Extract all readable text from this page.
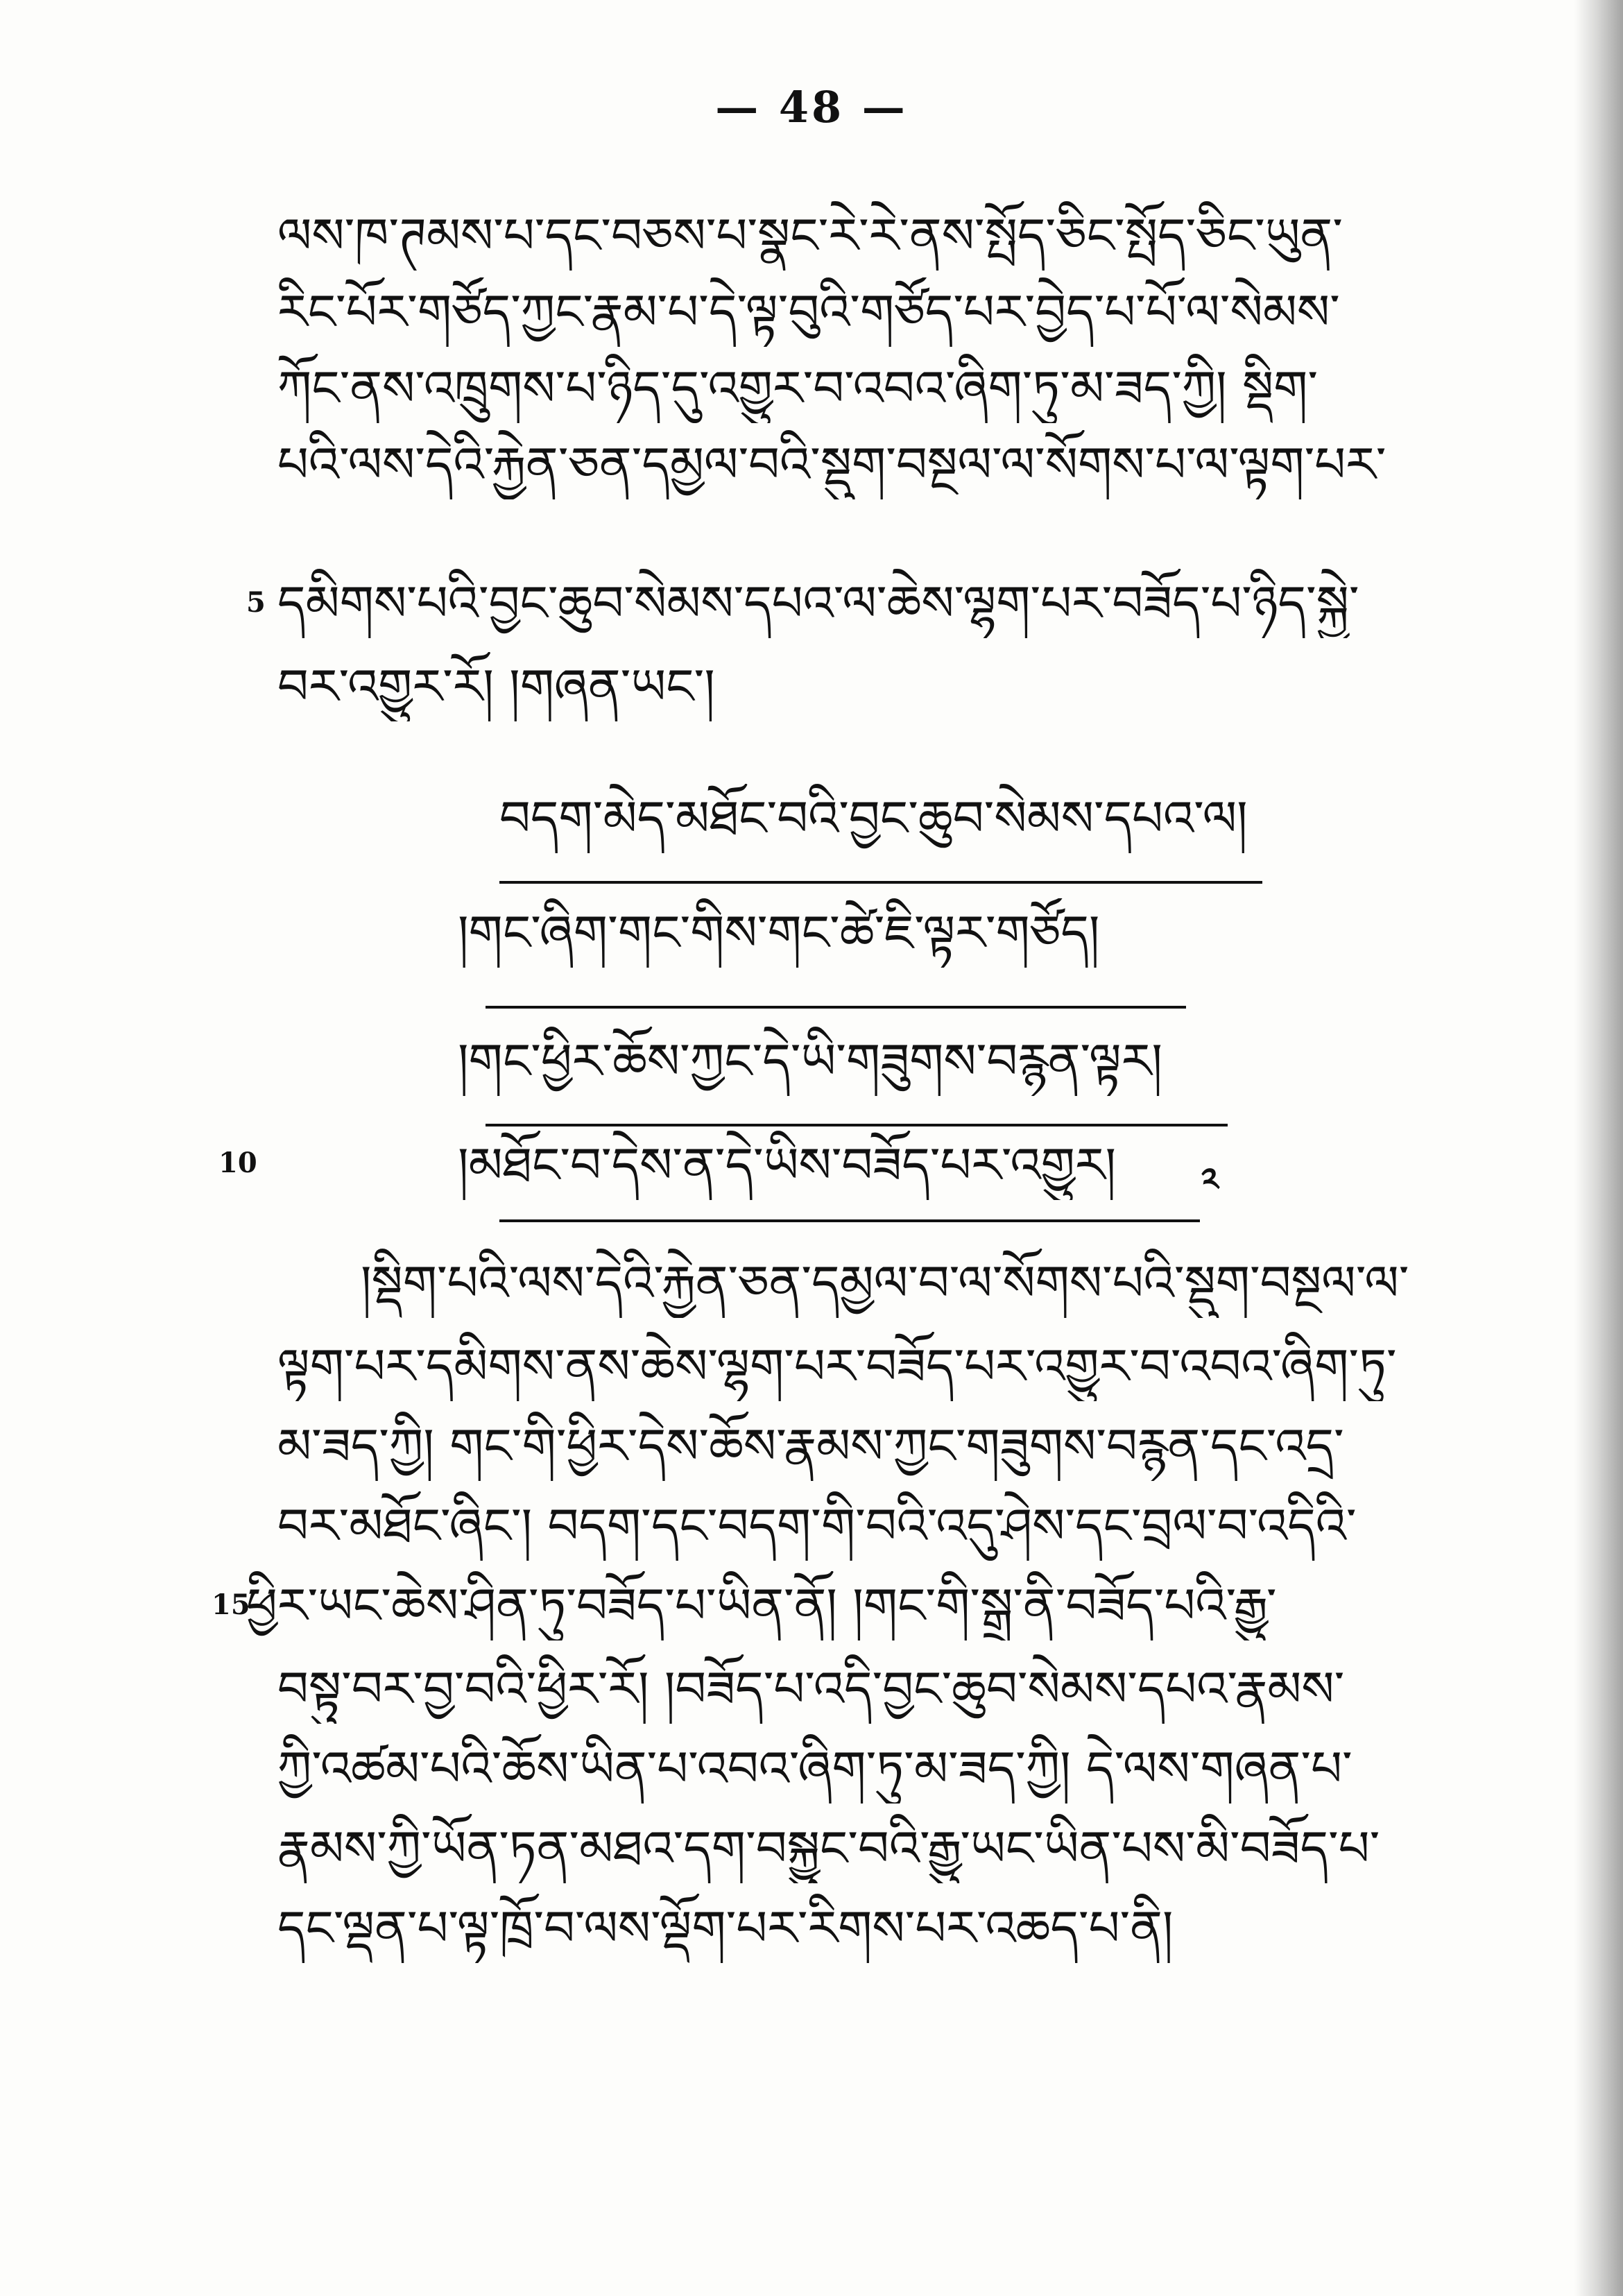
— 48 —
ལས་ཁ་ཊམས་པ་དང་བཅས་པ་སྣང་རེ་རེ་ནས་སྤོད་ཅིང་སྤོད་ཅིང་ཡུན་
རིང་པོར་གཙོད་ཀྱང་རྣམ་པ་དེ་ལྟ་བུའི་གཙོད་པར་བྱེད་པ་པོ་ལ་སེམས་
ཀོང་ནས་འཁྲུགས་པ་ཉིད་དུ་འགྱུར་བ་འབའ་ཞིག་ཏུ་མ་ཟད་ཀྱི། སྡིག་
པའི་ལས་དེའི་རྐྱེན་ཅན་དམྱལ་བའི་སྡུག་བསྔལ་ལ་སོགས་པ་ལ་ལྟག་པར་
5 དམིགས་པའི་བྱང་ཆུབ་སེམས་དཔའ་ལ་ཆེས་ལྷག་པར་བཟོད་པ་ཉིད་སྐྱེ་
བར་འགྱུར་རོ། །གཞན་ཡང་།
བདག་མེད་མཐོང་བའི་བྱང་ཆུབ་སེམས་དཔའ་ལ།
།གང་ཞིག་གང་གིས་གང་ཚེ་ཇི་ལྟར་གཙོད།
།གང་ཕྱིར་ཆོས་ཀྱང་དེ་ཡི་གཟུགས་བརྙན་ལྟར།
10	།མཐོང་བ་དེས་ན་དེ་ཡིས་བཟོད་པར་འགྱུར།	༢
།སྡིག་པའི་ལས་དེའི་རྐྱེན་ཅན་དམྱལ་བ་ལ་སོགས་པའི་སྡུག་བསྔལ་ལ་
ལྟག་པར་དམིགས་ནས་ཆེས་ལྷག་པར་བཟོད་པར་འགྱུར་བ་འབའ་ཞིག་ཏུ་
མ་ཟད་ཀྱི། གང་གི་ཕྱིར་དེས་ཆོས་རྣམས་ཀྱང་གཟུགས་བརྙན་དང་འདྲ་
བར་མཐོང་ཞིང་། བདག་དང་བདག་གི་བའི་འདུ་ཤེས་དང་བྲལ་བ་འདིའི་
15
ཕྱིར་ཡང་ཆེས་ཤིན་ཏུ་བཟོད་པ་ཡིན་ནོ། །གང་གི་སྒྲ་ནི་བཟོད་པའི་རྒྱུ་
བསྟུ་བར་བྱ་བའི་ཕྱིར་རོ། །བཟོད་པ་འདི་བྱང་ཆུབ་སེམས་དཔའ་རྣམས་
ཀྱི་འཚམ་པའི་ཆོས་ཡིན་པ་འབའ་ཞིག་ཏུ་མ་ཟད་ཀྱི། དེ་ལས་གཞན་པ་
རྣམས་ཀྱི་ཡོན་ཏན་མཐའ་དག་བསྐྱུང་བའི་རྒྱུ་ཡང་ཡིན་པས་མི་བཟོད་པ་
དང་ལྡན་པ་ལྟ་ཁྲོ་བ་ལས་ལྡོག་པར་རིགས་པར་འཆད་པ་ནི།
